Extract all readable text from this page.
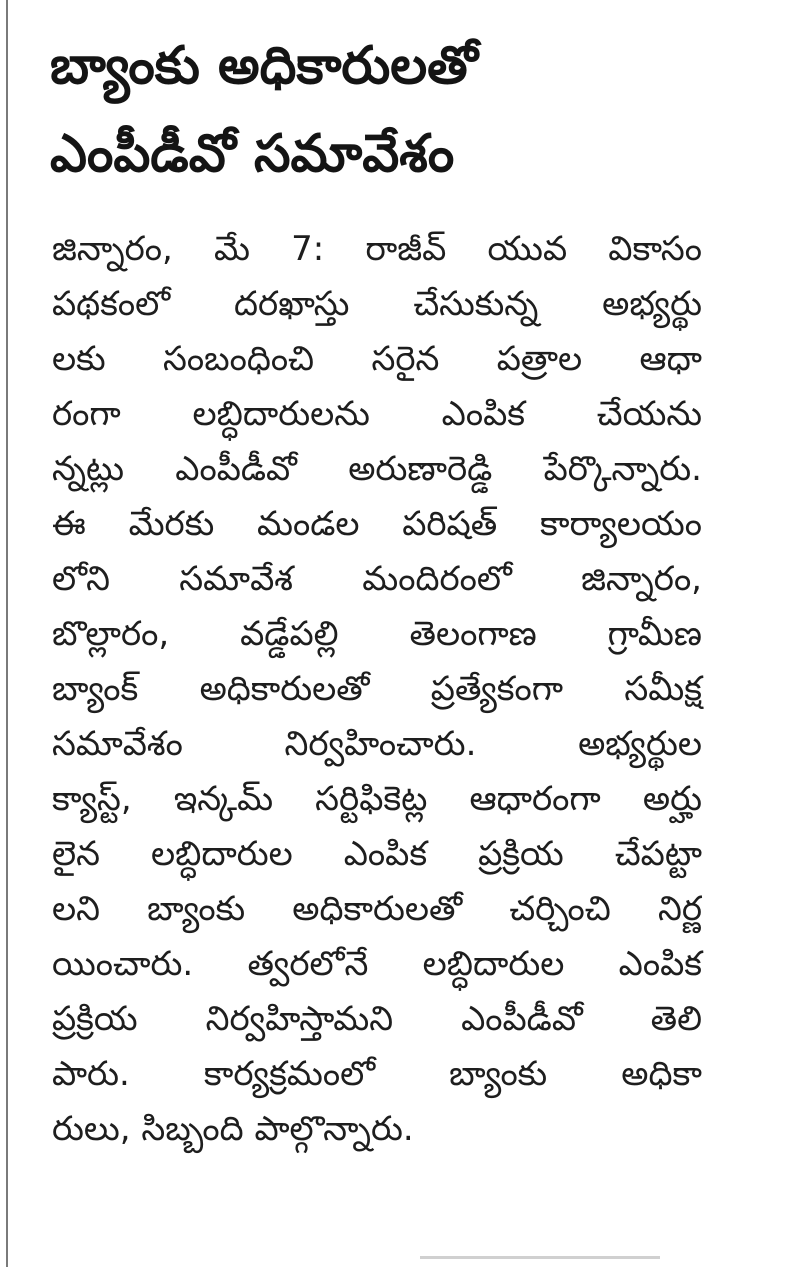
బ్యాంకు అధికారులతో
ఎంపీడీవో సమావేశం
జిన్నారం, మే 7: రాజీవ్ యువ వికాసం
పథకంలో దరఖాస్తు చేసుకున్న అభ్యర్థు
లకు సంబంధించి సరైన పత్రాల ఆధా
రంగా లబ్ధిదారులను ఎంపిక చేయను
న్నట్లు ఎంపీడీవో అరుణారెడ్డి పేర్కొన్నారు.
ఈ మేరకు మండల పరిషత్ కార్యాలయం
లోని సమావేశ మందిరంలో జిన్నారం,
బొల్లారం, వడ్డేపల్లి తెలంగాణ గ్రామీణ
బ్యాంక్ అధికారులతో ప్రత్యేకంగా సమీక్ష
సమావేశం నిర్వహించారు. అభ్యర్థుల
క్యాస్ట్, ఇన్కమ్ సర్టిఫికెట్ల ఆధారంగా అర్హు
లైన లబ్ధిదారుల ఎంపిక ప్రక్రియ చేపట్టా
లని బ్యాంకు అధికారులతో చర్చించి నిర్ణ
యించారు. త్వరలోనే లబ్ధిదారుల ఎంపిక
ప్రక్రియ నిర్వహిస్తామని ఎంపీడీవో తెలి
పారు. కార్యక్రమంలో బ్యాంకు అధికా
రులు, సిబ్బంది పాల్గొన్నారు.
